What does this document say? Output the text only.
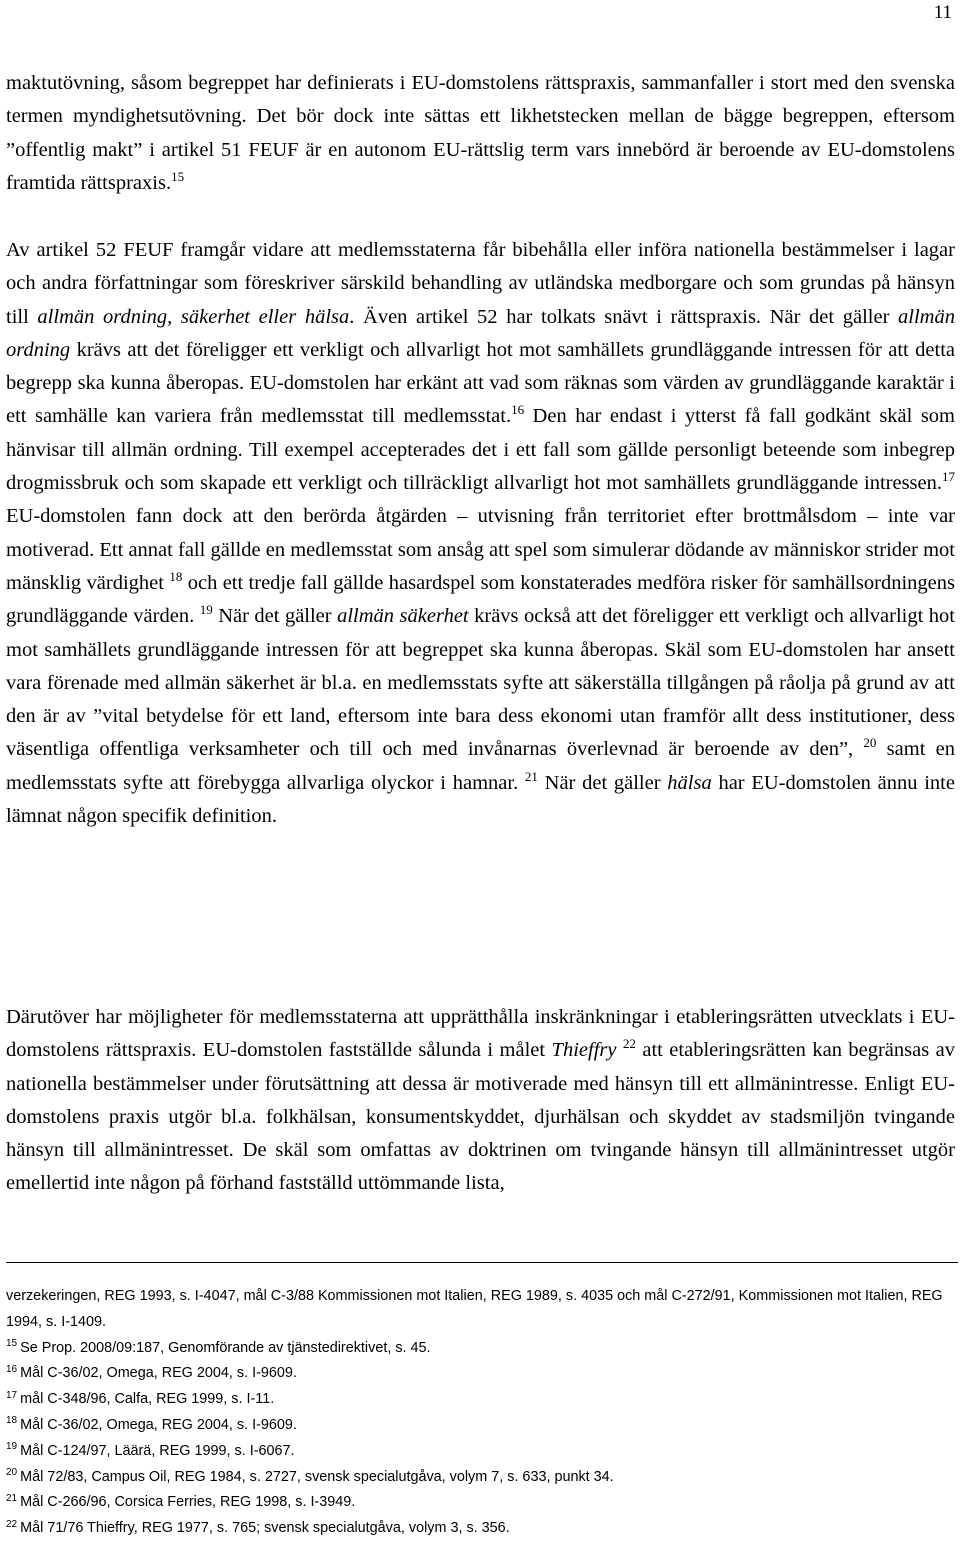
11

maktutövning, såsom begreppet har definierats i EU-domstolens rättspraxis, sammanfaller i stort med den svenska termen myndighetsutövning. Det bör dock inte sättas ett likhetstecken mellan de bägge begreppen, eftersom ”offentlig makt” i artikel 51 FEUF är en autonom EU-rättslig term vars innebörd är beroende av EU-domstolens framtida rättspraxis.$^{15}$

Av artikel 52 FEUF framgår vidare att medlemsstaterna får bibehålla eller införa nationella bestämmelser i lagar och andra författningar som föreskriver särskild behandling av utländska medborgare och som grundas på hänsyn till allmän ordning, säkerhet eller hälsa. Även artikel 52 har tolkats snävt i rättspraxis. När det gäller allmän ordning krävs att det föreligger ett verkligt och allvarligt hot mot samhällets grundläggande intressen för att detta begrepp ska kunna åberopas. EU-domstolen har erkänt att vad som räknas som värden av grundläggande karaktär i ett samhälle kan variera från medlemsstat till medlemsstat.$^{16}$ Den har endast i ytterst få fall godkänt skäl som hänvisar till allmän ordning. Till exempel accepterades det i ett fall som gällde personligt beteende som inbegrep drogmissbruk och som skapade ett verkligt och tillräckligt allvarligt hot mot samhällets grundläggande intressen.$^{17}$ EU-domstolen fann dock att den berörda åtgärden – utvisning från territoriet efter brottmålsdom – inte var motiverad. Ett annat fall gällde en medlemsstat som ansåg att spel som simulerar dödande av människor strider mot mänsklig värdighet $^{18}$ och ett tredje fall gällde hasardspel som konstaterades medföra risker för samhällsordningens grundläggande värden. $^{19}$ När det gäller allmän säkerhet krävs också att det föreligger ett verkligt och allvarligt hot mot samhällets grundläggande intressen för att begreppet ska kunna åberopas. Skäl som EU-domstolen har ansett vara förenade med allmän säkerhet är bl.a. en medlemsstats syfte att säkerställa tillgången på råolja på grund av att den är av ”vital betydelse för ett land, eftersom inte bara dess ekonomi utan framför allt dess institutioner, dess väsentliga offentliga verksamheter och till och med invånarnas överlevnad är beroende av den”, $^{20}$ samt en medlemsstats syfte att förebygga allvarliga olyckor i hamnar. $^{21}$ När det gäller hälsa har EU-domstolen ännu inte lämnat någon specifik definition.

Därutöver har möjligheter för medlemsstaterna att upprätthålla inskränkningar i etableringsrätten utvecklats i EU-domstolens rättspraxis. EU-domstolen fastställde sålunda i målet Thieffry $^{22}$ att etableringsrätten kan begränsas av nationella bestämmelser under förutsättning att dessa är motiverade med hänsyn till ett allmänintresse. Enligt EU-domstolens praxis utgör bl.a. folkhälsan, konsumentskyddet, djurhälsan och skyddet av stadsmiljön tvingande hänsyn till allmänintresset. De skäl som omfattas av doktrinen om tvingande hänsyn till allmänintresset utgör emellertid inte någon på förhand fastställd uttömmande lista,

verzekeringen, REG 1993, s. I-4047, mål C-3/88 Kommissionen mot Italien, REG 1989, s. 4035 och mål C-272/91, Kommissionen mot Italien, REG 1994, s. I-1409.
$^{15}$ Se Prop. 2008/09:187, Genomförande av tjänstedirektivet, s. 45.
$^{16}$ Mål C-36/02, Omega, REG 2004, s. I-9609.
$^{17}$ mål C-348/96, Calfa, REG 1999, s. I-11.
$^{18}$ Mål C-36/02, Omega, REG 2004, s. I-9609.
$^{19}$ Mål C-124/97, Läärä, REG 1999, s. I-6067.
$^{20}$ Mål 72/83, Campus Oil, REG 1984, s. 2727, svensk specialutgåva, volym 7, s. 633, punkt 34.
$^{21}$ Mål C-266/96, Corsica Ferries, REG 1998, s. I-3949.
$^{22}$ Mål 71/76 Thieffry, REG 1977, s. 765; svensk specialutgåva, volym 3, s. 356.
